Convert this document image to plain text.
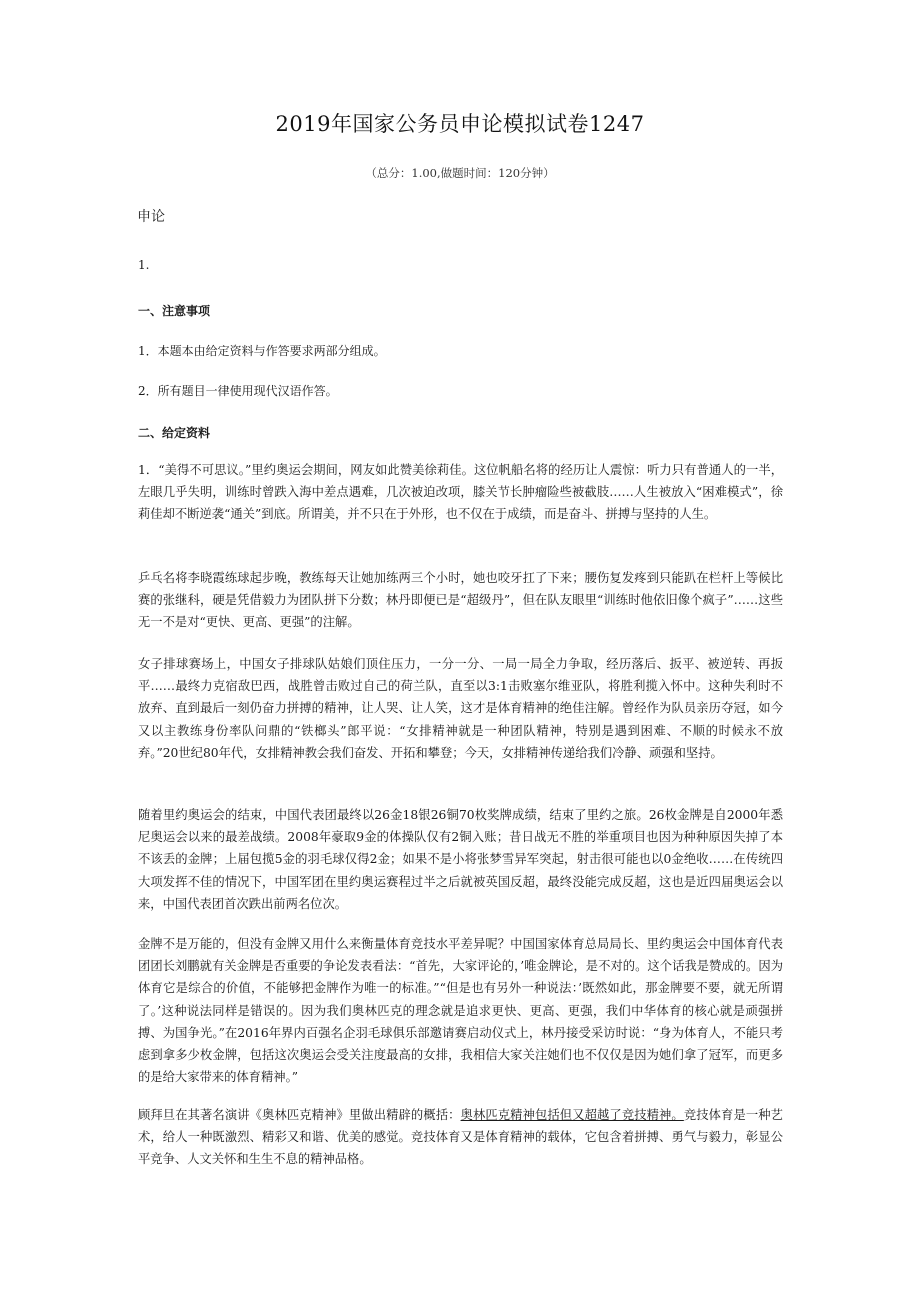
2019年国家公务员申论模拟试卷1247
（总分：1.00,做题时间：120分钟）
申论
1.
一、注意事项
1．本题本由给定资料与作答要求两部分组成。
2．所有题目一律使用现代汉语作答。
二、给定资料
1．“美得不可思议。”里约奥运会期间，网友如此赞美徐莉佳。这位帆船名将的经历让人震惊：听力只有普通人的一半，左眼几乎失明，训练时曾跌入海中差点遇难，几次被迫改项，膝关节长肿瘤险些被截肢……人生被放入“困难模式”，徐莉佳却不断逆袭“通关”到底。所谓美，并不只在于外形，也不仅在于成绩，而是奋斗、拼搏与坚持的人生。
乒乓名将李晓霞练球起步晚，教练每天让她加练两三个小时，她也咬牙扛了下来；腰伤复发疼到只能趴在栏杆上等候比赛的张继科，硬是凭借毅力为团队拼下分数；林丹即便已是“超级丹”，但在队友眼里“训练时他依旧像个疯子”……这些无一不是对“更快、更高、更强”的注解。
女子排球赛场上，中国女子排球队姑娘们顶住压力，一分一分、一局一局全力争取，经历落后、扳平、被逆转、再扳平……最终力克宿敌巴西，战胜曾击败过自己的荷兰队，直至以3:1击败塞尔维亚队，将胜利揽入怀中。这种失利时不放弃、直到最后一刻仍奋力拼搏的精神，让人哭、让人笑，这才是体育精神的绝佳注解。曾经作为队员亲历夺冠，如今又以主教练身份率队问鼎的“铁榔头”郎平说：“女排精神就是一种团队精神，特别是遇到困难、不顺的时候永不放弃。”20世纪80年代，女排精神教会我们奋发、开拓和攀登；今天，女排精神传递给我们冷静、顽强和坚持。
随着里约奥运会的结束，中国代表团最终以26金18银26铜70枚奖牌成绩，结束了里约之旅。26枚金牌是自2000年悉尼奥运会以来的最差战绩。2008年豪取9金的体操队仅有2铜入账；昔日战无不胜的举重项目也因为种种原因失掉了本不该丢的金牌；上届包揽5金的羽毛球仅得2金；如果不是小将张梦雪异军突起，射击很可能也以0金绝收……在传统四大项发挥不佳的情况下，中国军团在里约奥运赛程过半之后就被英国反超，最终没能完成反超，这也是近四届奥运会以来，中国代表团首次跌出前两名位次。
金牌不是万能的，但没有金牌又用什么来衡量体育竞技水平差异呢？中国国家体育总局局长、里约奥运会中国体育代表团团长刘鹏就有关金牌是否重要的争论发表看法：“首先，大家评论的，’唯金牌论，是不对的。这个话我是赞成的。因为体育它是综合的价值，不能够把金牌作为唯一的标准。”“但是也有另外一种说法：’既然如此，那金牌要不要，就无所谓了。’这种说法同样是错误的。因为我们奥林匹克的理念就是追求更快、更高、更强，我们中华体育的核心就是顽强拼搏、为国争光。”在2016年界内百强名企羽毛球俱乐部邀请赛启动仪式上，林丹接受采访时说：“身为体育人，不能只考虑到拿多少枚金牌，包括这次奥运会受关注度最高的女排，我相信大家关注她们也不仅仅是因为她们拿了冠军，而更多的是给大家带来的体育精神。”
顾拜旦在其著名演讲《奥林匹克精神》里做出精辟的概括：奥林匹克精神包括但又超越了竞技精神。竞技体育是一种艺术，给人一种既激烈、精彩又和谐、优美的感觉。竞技体育又是体育精神的载体，它包含着拼搏、勇气与毅力，彰显公平竞争、人文关怀和生生不息的精神品格。
